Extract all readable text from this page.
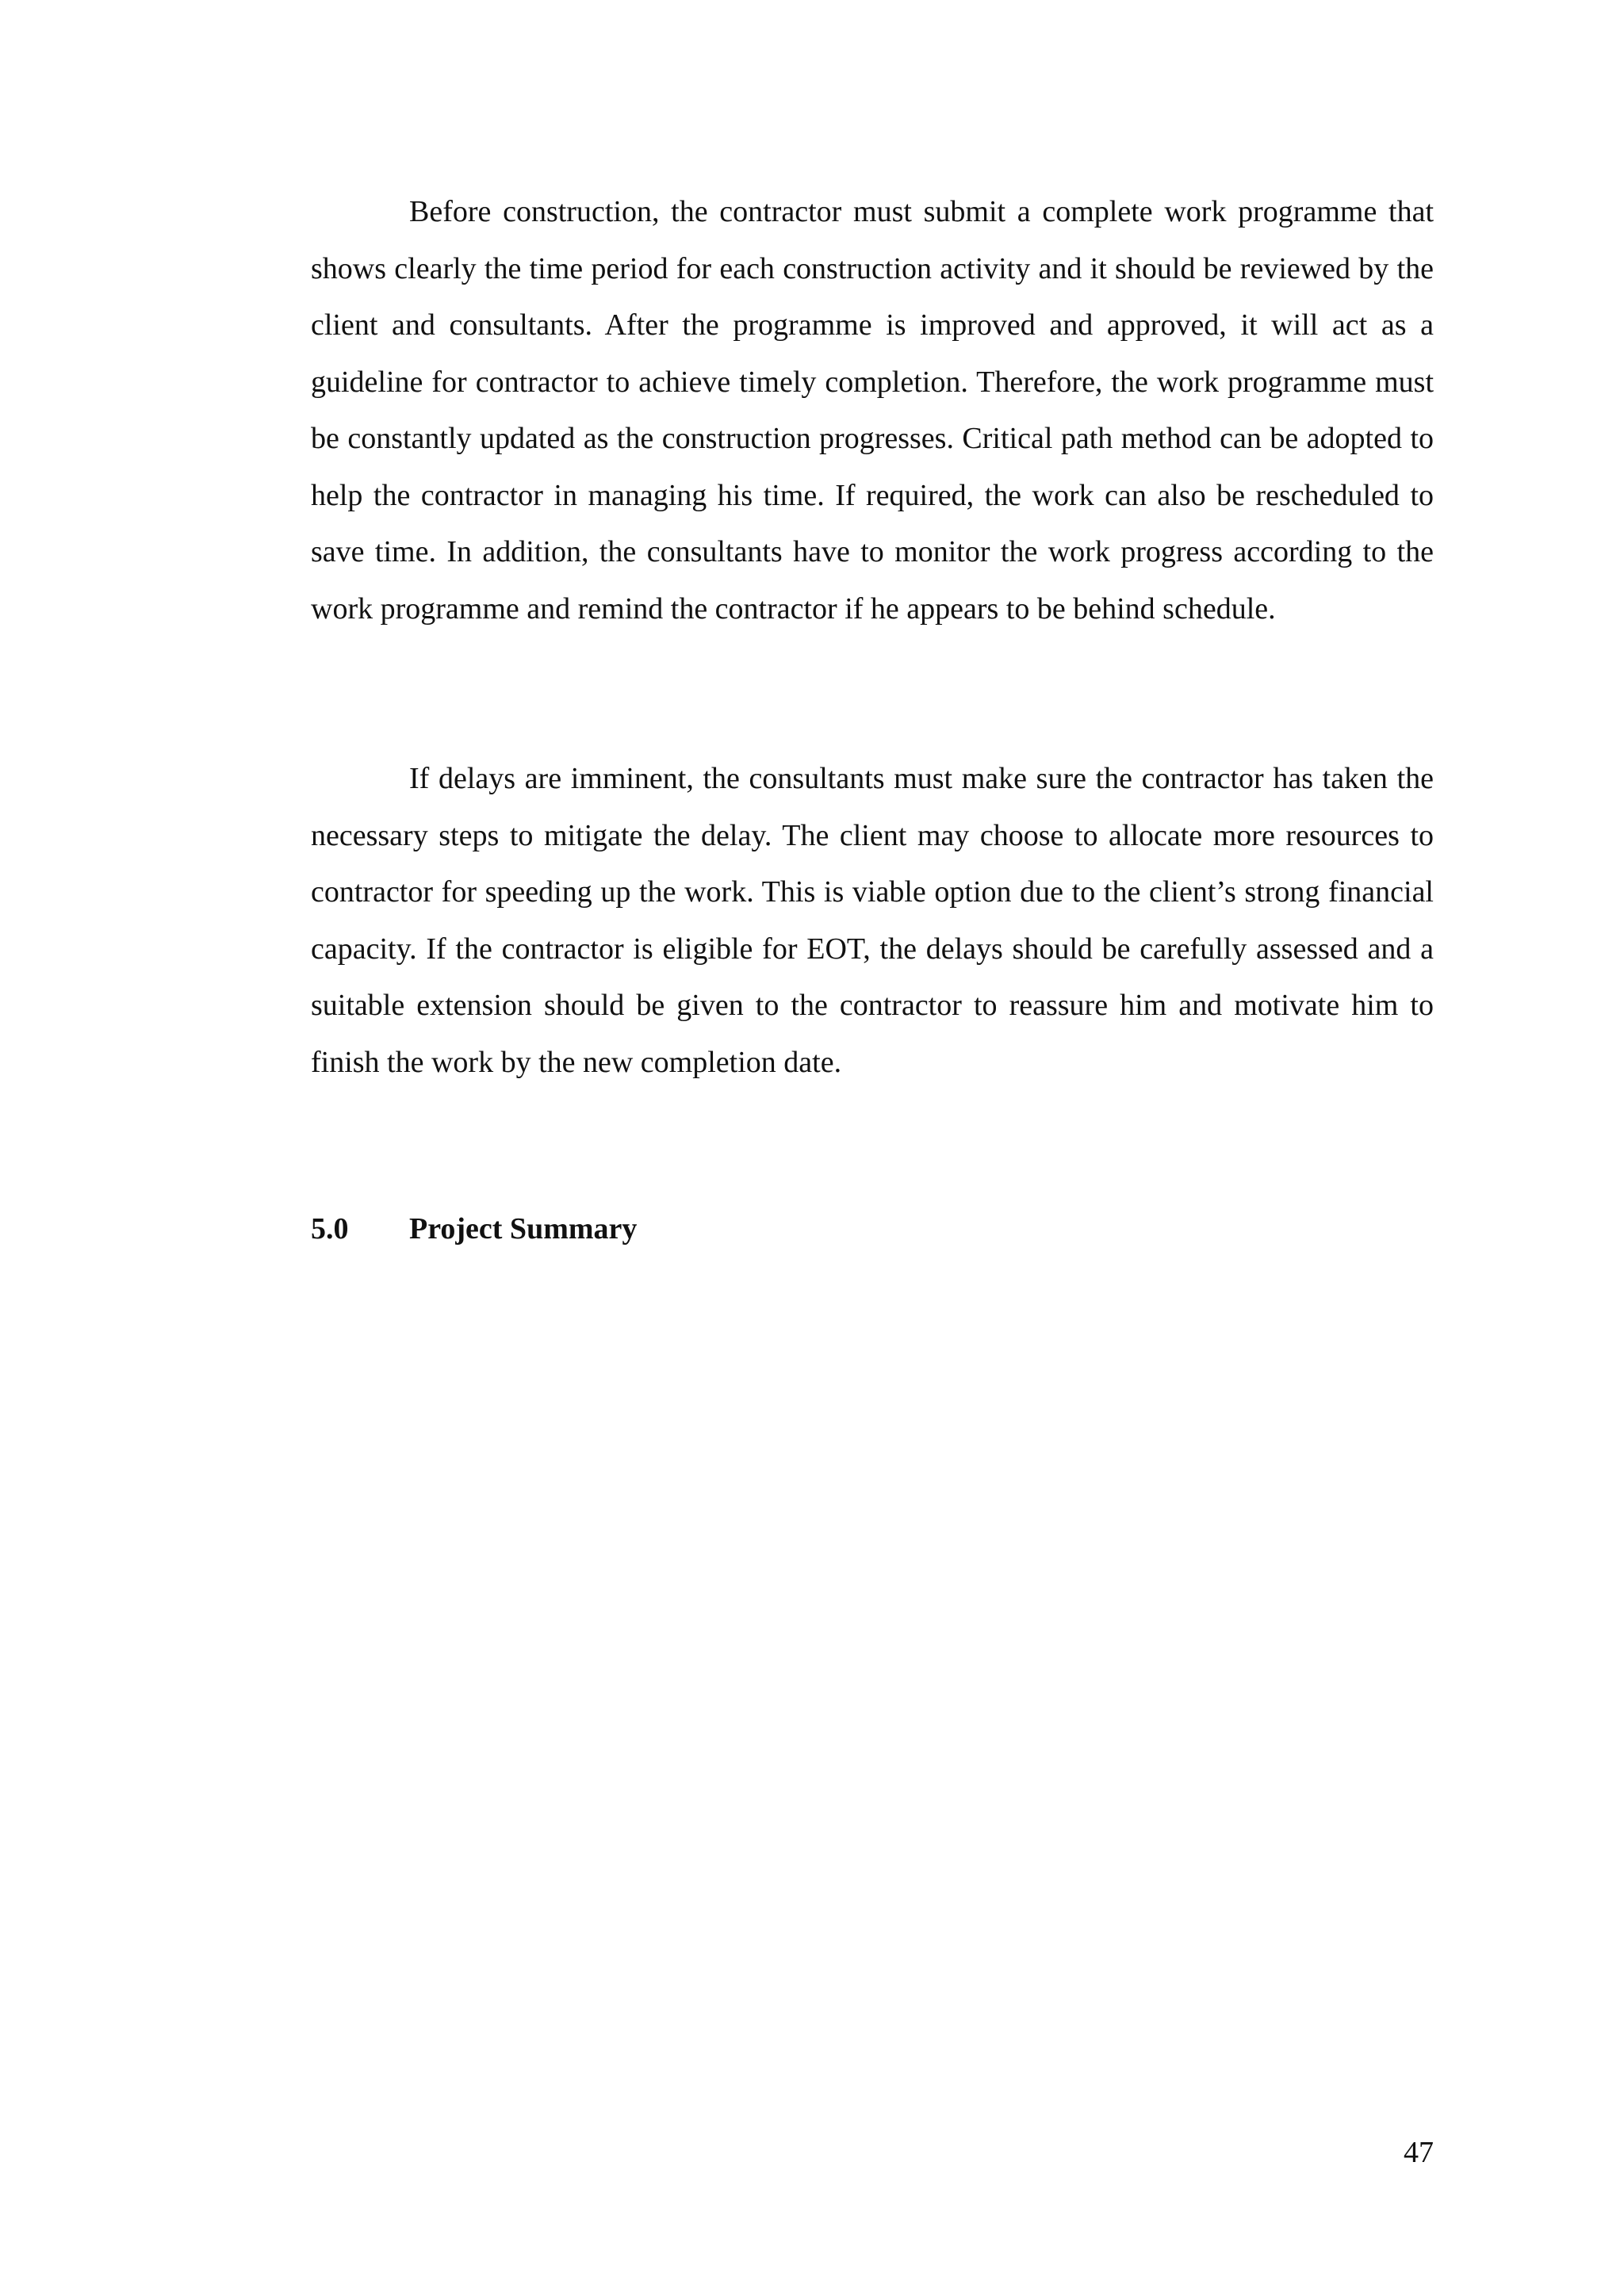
Before construction, the contractor must submit a complete work programme that shows clearly the time period for each construction activity and it should be reviewed by the client and consultants. After the programme is improved and approved, it will act as a guideline for contractor to achieve timely completion. Therefore, the work programme must be constantly updated as the construction progresses. Critical path method can be adopted to help the contractor in managing his time. If required, the work can also be rescheduled to save time. In addition, the consultants have to monitor the work progress according to the work programme and remind the contractor if he appears to be behind schedule.

If delays are imminent, the consultants must make sure the contractor has taken the necessary steps to mitigate the delay. The client may choose to allocate more resources to contractor for speeding up the work. This is viable option due to the client’s strong financial capacity. If the contractor is eligible for EOT, the delays should be carefully assessed and a suitable extension should be given to the contractor to reassure him and motivate him to finish the work by the new completion date.

5.0 Project Summary

47
